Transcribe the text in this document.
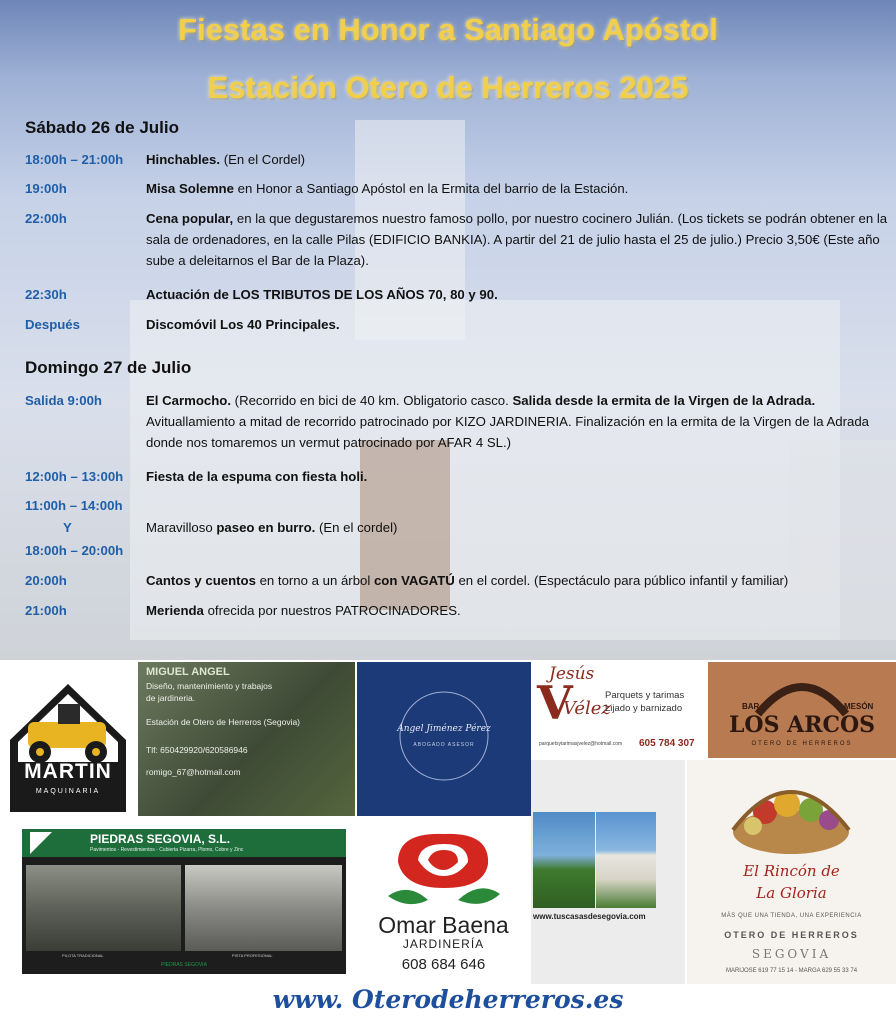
Fiestas en Honor a Santiago Apóstol
Estación Otero de Herreros 2025
Sábado 26 de Julio
18:00h – 21:00h	Hinchables. (En el Cordel)
19:00h	Misa Solemne en Honor a Santiago Apóstol en la Ermita del barrio de la Estación.
22:00h	Cena popular, en la que degustaremos nuestro famoso pollo, por nuestro cocinero Julián. (Los tickets se podrán obtener en la sala de ordenadores, en la calle Pilas (EDIFICIO BANKIA). A partir del 21 de julio hasta el 25 de julio.) Precio 3,50€ (Este año sube a deleitarnos el Bar de la Plaza).
22:30h	Actuación de LOS TRIBUTOS DE LOS AÑOS 70, 80 y 90.
Después	Discomóvil Los 40 Principales.
Domingo 27 de Julio
Salida 9:00h	El Carmocho. (Recorrido en bici de 40 km. Obligatorio casco. Salida desde la ermita de la Virgen de la Adrada. Avituallamiento a mitad de recorrido patrocinado por KIZO JARDINERIA. Finalización en la ermita de la Virgen de la Adrada donde nos tomaremos un vermut patrocinado por AFAR 4 SL.)
12:00h – 13:00h	Fiesta de la espuma con fiesta holi.
11:00h – 14:00h
Y
18:00h – 20:00h
Maravilloso paseo en burro. (En el cordel)
20:00h	Cantos y cuentos en torno a un árbol con VAGATÚ en el cordel. (Espectáculo para público infantil y familiar)
21:00h	Merienda ofrecida por nuestros PATROCINADORES.
MARTIN
MAQUINARIA
MIGUEL ANGEL
Diseño, mantenimiento y trabajos
de jardineria.
Estación de Otero de Herreros (Segovia)
Tlf: 650429920/620586946
romigo_67@hotmail.com
Ángel Jiménez Pérez
ABOGADO ASESOR
Jesús
V
Vélez
Parquets y tarimas
Lijado y barnizado
parquetsytarimasjvelez@hotmail.com 605 784 307
BAR	MESÓN
LOS ARCOS
OTERO DE HERREROS
www.tuscasasdesegovia.com
El Rincón de
La Gloria
MÁS QUE UNA TIENDA, UNA EXPERIENCIA
OTERO DE HERREROS
SEGOVIA
MARIJOSE 619 77 15 14 - MARGA 629 55 33 74
PIEDRAS SEGOVIA, S.L.
Pavimentos - Revestimientos - Cubierta Pizarra, Plomo, Cobre y Zinc
PILOTA TRADICIONAL	PISTA PROFESIONAL
PIEDRAS SEGOVIA
Omar Baena
JARDINERÍA
608 684 646
www. Oterodeherreros.es
